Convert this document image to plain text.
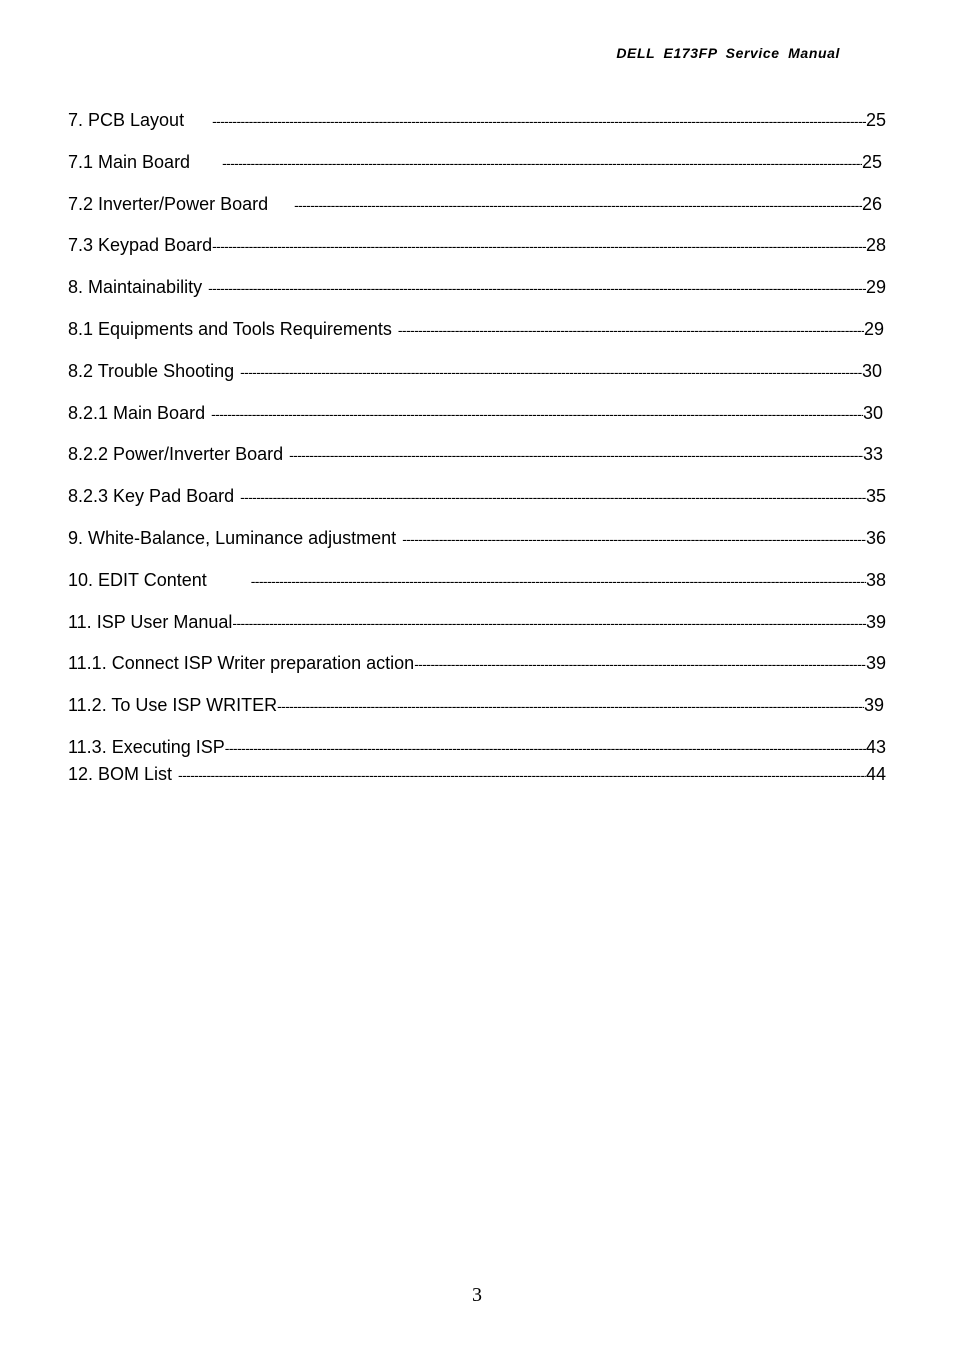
DELL E173FP Service Manual
7. PCB Layout -----	25
7.1 Main Board -----	25
7.2 Inverter/Power Board -----	26
7.3 Keypad Board -----	28
8. Maintainability -----	29
8.1 Equipments and Tools Requirements -----	29
8.2 Trouble Shooting -----	30
8.2.1 Main Board -----	30
8.2.2 Power/Inverter Board -----	33
8.2.3 Key Pad Board -----	35
9. White-Balance, Luminance adjustment -----	36
10. EDIT Content -----	38
11. ISP User Manual -----	39
11.1. Connect ISP Writer preparation action -----	39
11.2. To Use ISP WRITER -----	39
11.3. Executing ISP -----	43
12. BOM List -----	44
3
